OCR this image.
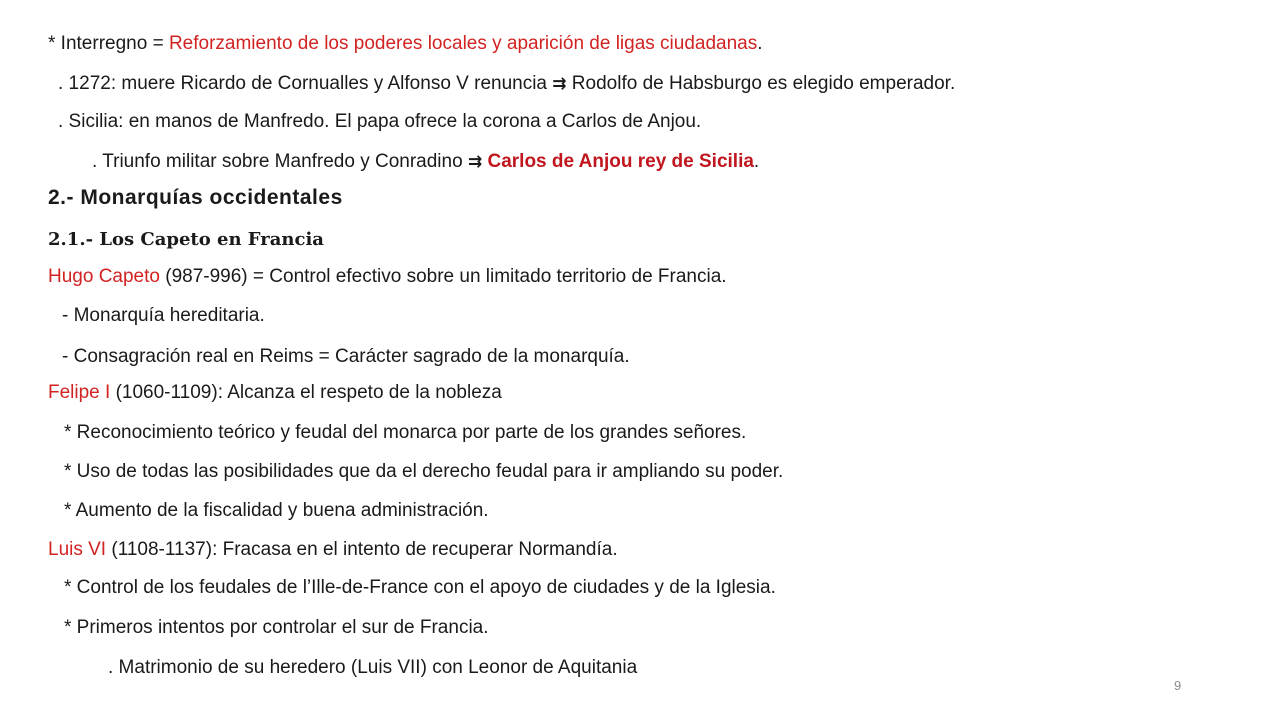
* Interregno = Reforzamiento de los poderes locales y aparición de ligas ciudadanas.
. 1272: muere Ricardo de Cornualles y Alfonso V renuncia ⇉ Rodolfo de Habsburgo es elegido emperador.
. Sicilia: en manos de Manfredo. El papa ofrece la corona a Carlos de Anjou.
. Triunfo militar sobre Manfredo y Conradino ⇉ Carlos de Anjou rey de Sicilia.
2.- Monarquías occidentales
2.1.- Los Capeto en Francia
Hugo Capeto (987-996) = Control efectivo sobre un limitado territorio de Francia.
- Monarquía hereditaria.
- Consagración real en Reims = Carácter sagrado de la monarquía.
Felipe I (1060-1109): Alcanza el respeto de la nobleza
* Reconocimiento teórico y feudal del monarca por parte de los grandes señores.
* Uso de todas las posibilidades que da el derecho feudal para ir ampliando su poder.
* Aumento de la fiscalidad y buena administración.
Luis VI (1108-1137): Fracasa en el intento de recuperar Normandía.
* Control de los feudales de l’Ille-de-France con el apoyo de ciudades y de la Iglesia.
* Primeros intentos por controlar el sur de Francia.
. Matrimonio de su heredero (Luis VII) con Leonor de Aquitania
9
